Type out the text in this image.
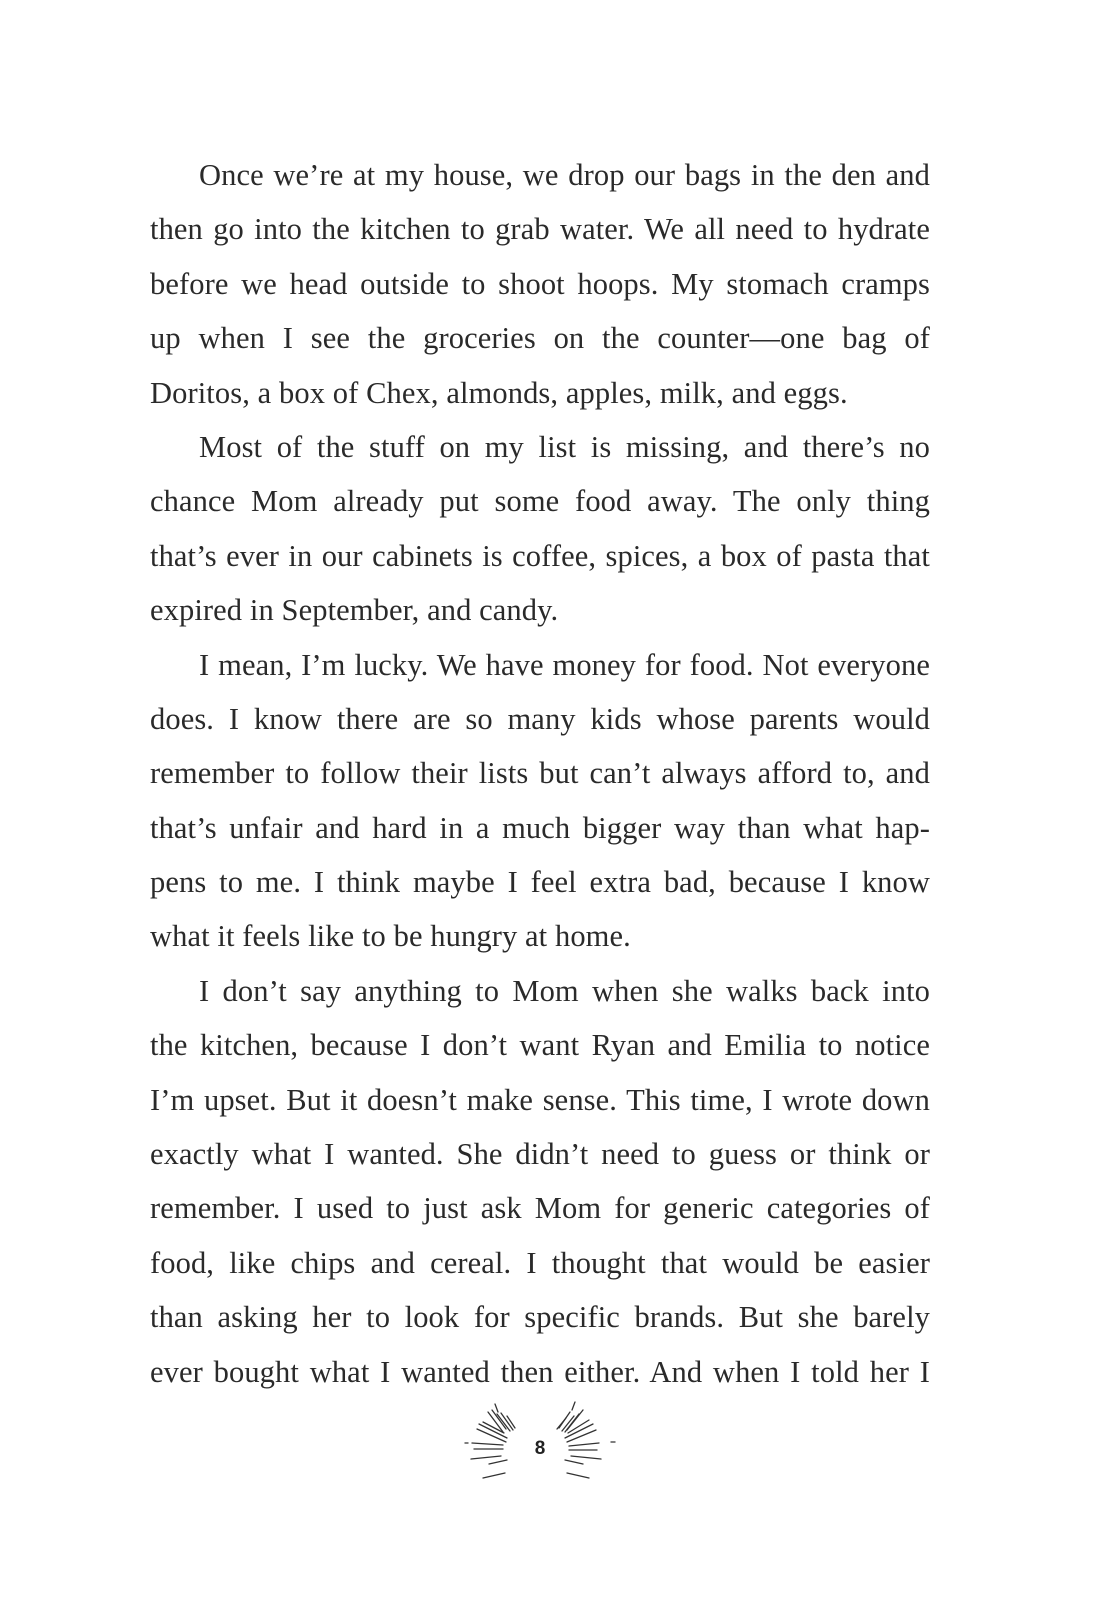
Once we’re at my house, we drop our bags in the den and
then go into the kitchen to grab water. We all need to hydrate
before we head outside to shoot hoops. My stomach cramps
up when I see the groceries on the counter—one bag of
Doritos, a box of Chex, almonds, apples, milk, and eggs.

Most of the stuff on my list is missing, and there’s no
chance Mom already put some food away. The only thing
that’s ever in our cabinets is coffee, spices, a box of pasta that
expired in September, and candy.

I mean, I’m lucky. We have money for food. Not everyone
does. I know there are so many kids whose parents would
remember to follow their lists but can’t always afford to, and
that’s unfair and hard in a much bigger way than what hap-
pens to me. I think maybe I feel extra bad, because I know
what it feels like to be hungry at home.

I don’t say anything to Mom when she walks back into
the kitchen, because I don’t want Ryan and Emilia to notice
I’m upset. But it doesn’t make sense. This time, I wrote down
exactly what I wanted. She didn’t need to guess or think or
remember. I used to just ask Mom for generic categories of
food, like chips and cereal. I thought that would be easier
than asking her to look for specific brands. But she barely
ever bought what I wanted then either. And when I told her I

8
